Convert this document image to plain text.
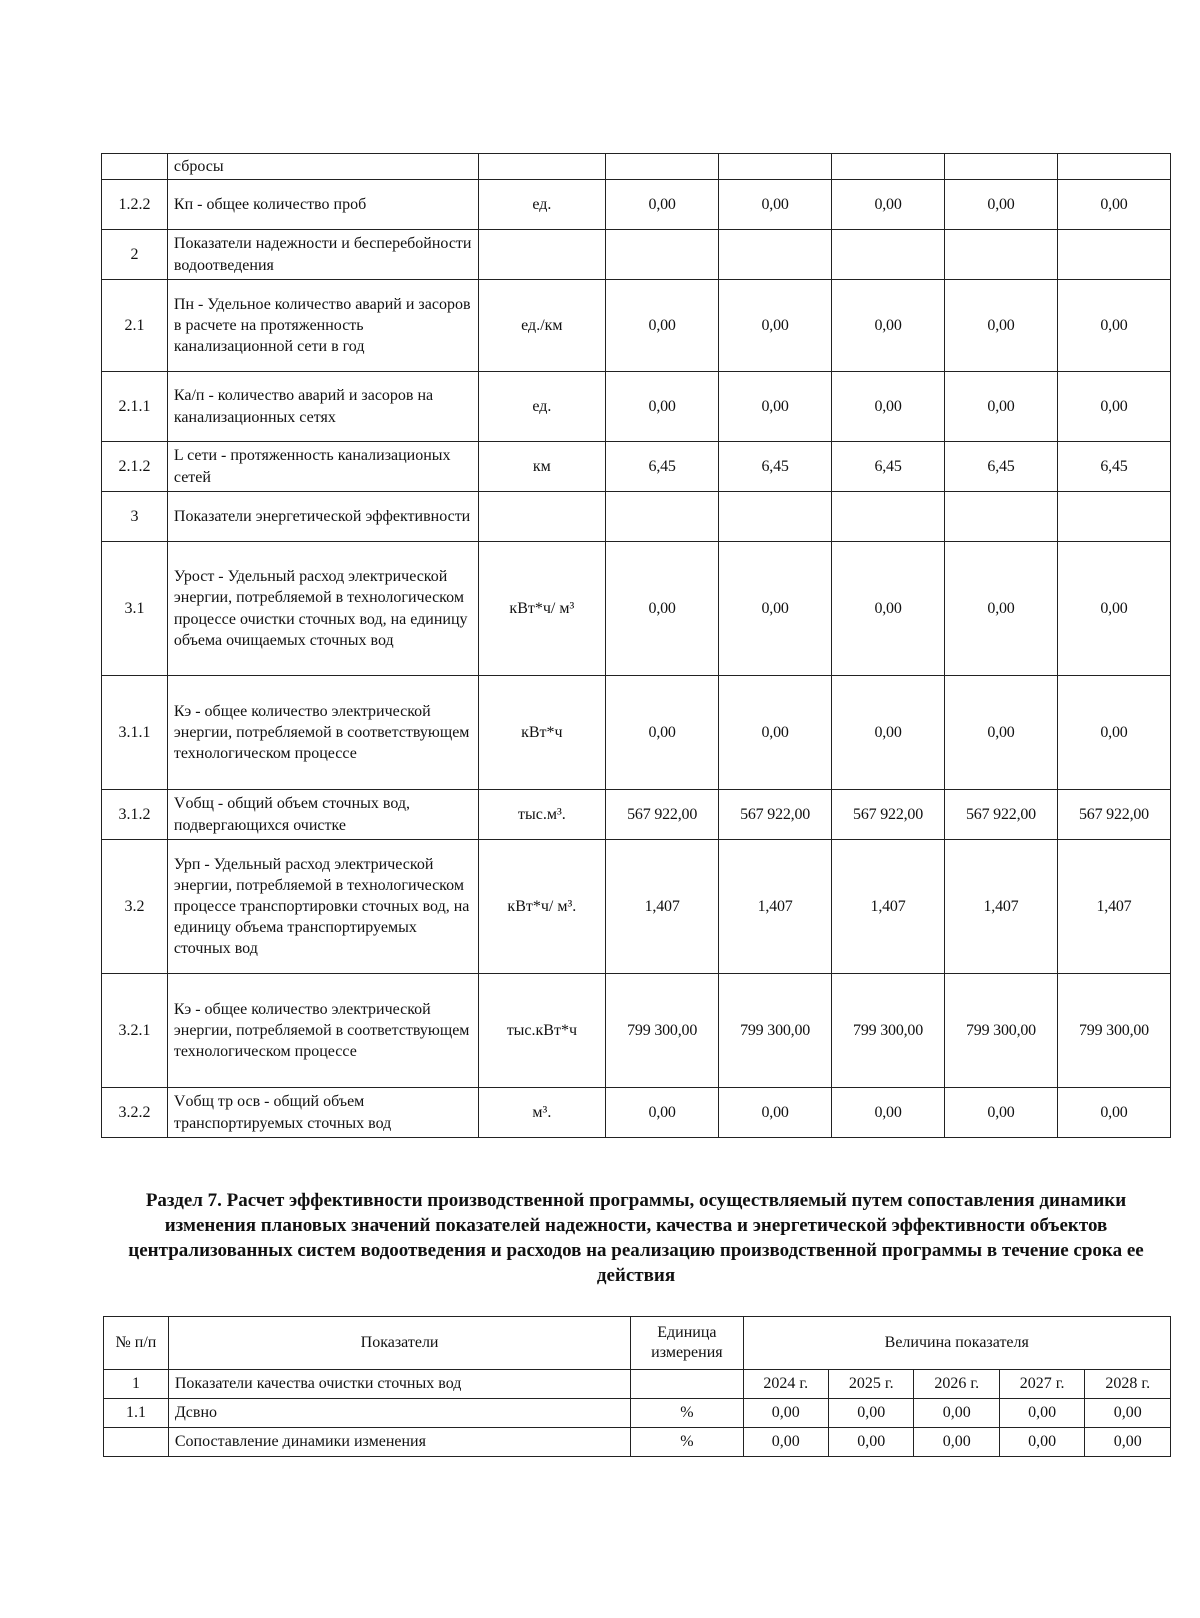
	сбросы						
1.2.2	Кп - общее количество проб	ед.	0,00	0,00	0,00	0,00	0,00
2	Показатели надежности и бесперебойности водоотведения						
2.1	Пн - Удельное количество аварий и засоров в расчете на протяженность канализационной сети в год	ед./км	0,00	0,00	0,00	0,00	0,00
2.1.1	Ка/п - количество аварий и засоров на канализационных сетях	ед.	0,00	0,00	0,00	0,00	0,00
2.1.2	L сети - протяженность канализационых сетей	км	6,45	6,45	6,45	6,45	6,45
3	Показатели энергетической эффективности						
3.1	Урост - Удельный расход электрической энергии, потребляемой в технологическом процессе очистки сточных вод, на единицу объема очищаемых сточных вод	кВт*ч/ м³	0,00	0,00	0,00	0,00	0,00
3.1.1	Кэ - общее количество электрической энергии, потребляемой в соответствующем технологическом процессе	кВт*ч	0,00	0,00	0,00	0,00	0,00
3.1.2	Vобщ - общий объем сточных вод, подвергающихся очистке	тыс.м³.	567 922,00	567 922,00	567 922,00	567 922,00	567 922,00
3.2	Урп - Удельный расход электрической энергии, потребляемой в технологическом процессе транспортировки сточных вод, на единицу объема транспортируемых сточных вод	кВт*ч/ м³.	1,407	1,407	1,407	1,407	1,407
3.2.1	Кэ - общее количество электрической энергии, потребляемой в соответствующем технологическом процессе	тыс.кВт*ч	799 300,00	799 300,00	799 300,00	799 300,00	799 300,00
3.2.2	Vобщ тр осв - общий объем транспортируемых сточных вод	м³.	0,00	0,00	0,00	0,00	0,00
Раздел 7. Расчет эффективности производственной программы, осуществляемый путем сопоставления динамики изменения плановых значений показателей надежности, качества и энергетической эффективности объектов централизованных систем водоотведения и расходов на реализацию производственной программы в течение срока ее действия
№ п/п	Показатели	Единица измерения	Величина показателя				
1	Показатели качества очистки сточных вод		2024 г.	2025 г.	2026 г.	2027 г.	2028 г.
1.1	Дсвно	%	0,00	0,00	0,00	0,00	0,00
	Сопоставление динамики изменения	%	0,00	0,00	0,00	0,00	0,00
